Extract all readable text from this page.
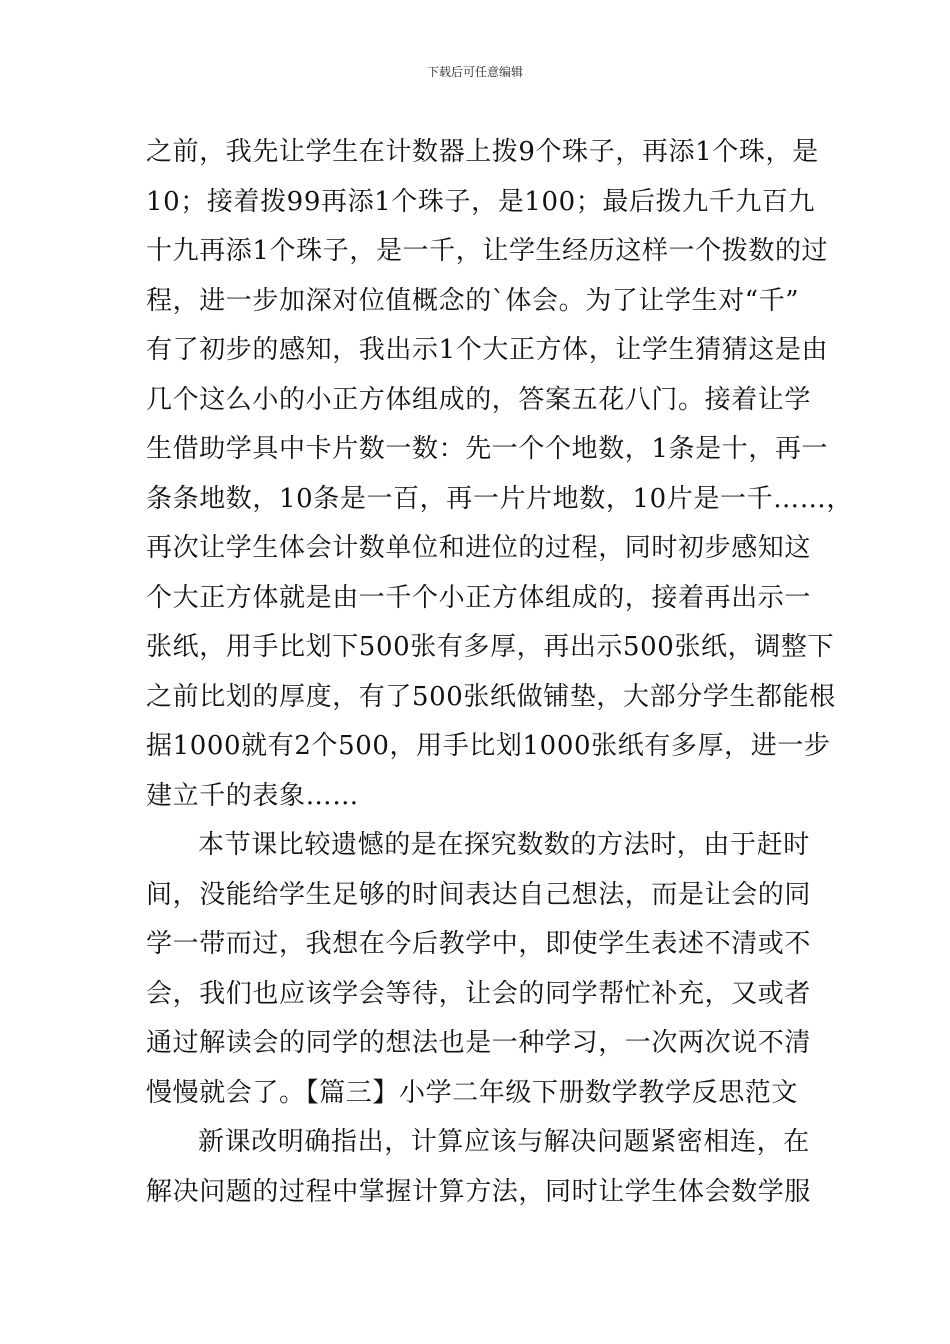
下载后可任意编辑
之前，我先让学生在计数器上拨9个珠子，再添1个珠，是
10；接着拨99再添1个珠子，是100；最后拨九千九百九
十九再添1个珠子，是一千，让学生经历这样一个拨数的过
程，进一步加深对位值概念的`体会。为了让学生对“千”
有了初步的感知，我出示1个大正方体，让学生猜猜这是由
几个这么小的小正方体组成的，答案五花八门。接着让学
生借助学具中卡片数一数：先一个个地数，1条是十，再一
条条地数，10条是一百，再一片片地数，10片是一千……，
再次让学生体会计数单位和进位的过程，同时初步感知这
个大正方体就是由一千个小正方体组成的，接着再出示一
张纸，用手比划下500张有多厚，再出示500张纸，调整下
之前比划的厚度，有了500张纸做铺垫，大部分学生都能根
据1000就有2个500，用手比划1000张纸有多厚，进一步
建立千的表象……
本节课比较遗憾的是在探究数数的方法时，由于赶时
间，没能给学生足够的时间表达自己想法，而是让会的同
学一带而过，我想在今后教学中，即使学生表述不清或不
会，我们也应该学会等待，让会的同学帮忙补充，又或者
通过解读会的同学的想法也是一种学习，一次两次说不清
慢慢就会了。【篇三】小学二年级下册数学教学反思范文
新课改明确指出，计算应该与解决问题紧密相连，在
解决问题的过程中掌握计算方法，同时让学生体会数学服
